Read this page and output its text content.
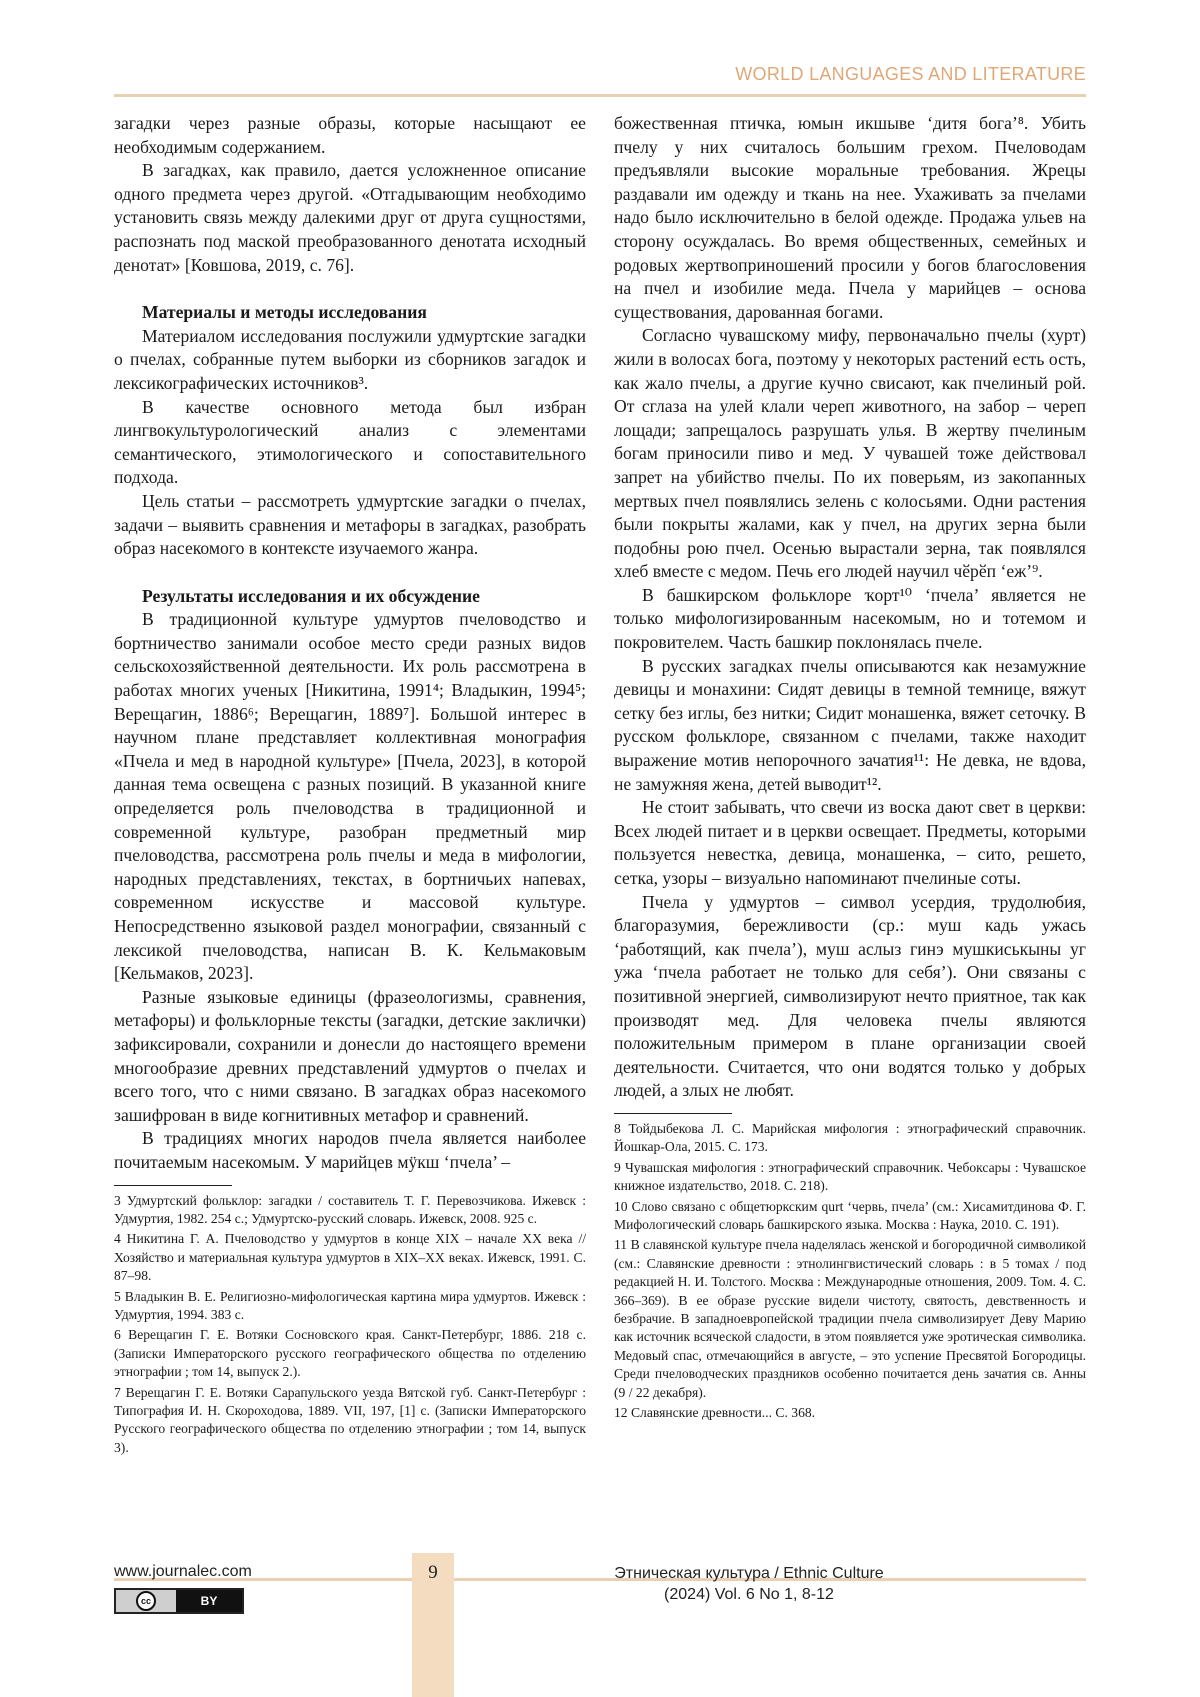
WORLD LANGUAGES AND LITERATURE

загадки через разные образы, которые насыщают ее необходимым содержанием.

В загадках, как правило, дается усложненное описание одного предмета через другой. «Отгадывающим необходимо установить связь между далекими друг от друга сущностями, распознать под маской преобразованного денотата исходный денотат» [Ковшова, 2019, с. 76].

Материалы и методы исследования

Материалом исследования послужили удмуртские загадки о пчелах, собранные путем выборки из сборников загадок и лексикографических источников³.

В качестве основного метода был избран лингвокультурологический анализ с элементами семантического, этимологического и сопоставительного подхода.

Цель статьи – рассмотреть удмуртские загадки о пчелах, задачи – выявить сравнения и метафоры в загадках, разобрать образ насекомого в контексте изучаемого жанра.

Результаты исследования и их обсуждение

В традиционной культуре удмуртов пчеловодство и бортничество занимали особое место среди разных видов сельскохозяйственной деятельности. Их роль рассмотрена в работах многих ученых [Никитина, 1991⁴; Владыкин, 1994⁵; Верещагин, 1886⁶; Верещагин, 1889⁷]. Большой интерес в научном плане представляет коллективная монография «Пчела и мед в народной культуре» [Пчела, 2023], в которой данная тема освещена с разных позиций. В указанной книге определяется роль пчеловодства в традиционной и современной культуре, разобран предметный мир пчеловодства, рассмотрена роль пчелы и меда в мифологии, народных представлениях, текстах, в бортничьих напевах, современном искусстве и массовой культуре. Непосредственно языковой раздел монографии, связанный с лексикой пчеловодства, написан В. К. Кельмаковым [Кельмаков, 2023].

Разные языковые единицы (фразеологизмы, сравнения, метафоры) и фольклорные тексты (загадки, детские заклички) зафиксировали, сохранили и донесли до настоящего времени многообразие древних представлений удмуртов о пчелах и всего того, что с ними связано. В загадках образ насекомого зашифрован в виде когнитивных метафор и сравнений.

В традициях многих народов пчела является наиболее почитаемым насекомым. У марийцев мӱкш ʻпчела’ –

3 Удмуртский фольклор: загадки / составитель Т. Г. Перевозчикова. Ижевск : Удмуртия, 1982. 254 с.; Удмуртско-русский словарь. Ижевск, 2008. 925 с.

4 Никитина Г. А. Пчеловодство у удмуртов в конце XIX – начале XX века // Хозяйство и материальная культура удмуртов в XIX–XX веках. Ижевск, 1991. С. 87–98.

5 Владыкин В. Е. Религиозно-мифологическая картина мира удмуртов. Ижевск : Удмуртия, 1994. 383 с.

6 Верещагин Г. Е. Вотяки Сосновского края. Санкт-Петербург, 1886. 218 с. (Записки Императорского русского географического общества по отделению этнографии ; том 14, выпуск 2.).

7 Верещагин Г. Е. Вотяки Сарапульского уезда Вятской губ. Санкт-Петербург : Типография И. Н. Скороходова, 1889. VII, 197, [1] с. (Записки Императорского Русского географического общества по отделению этнографии ; том 14, выпуск 3).

божественная птичка, юмын икшыве ʻдитя бога’⁸. Убить пчелу у них считалось большим грехом. Пчеловодам предъявляли высокие моральные требования. Жрецы раздавали им одежду и ткань на нее. Ухаживать за пчелами надо было исключительно в белой одежде. Продажа ульев на сторону осуждалась. Во время общественных, семейных и родовых жертвоприношений просили у богов благословения на пчел и изобилие меда. Пчела у марийцев – основа существования, дарованная богами.

Согласно чувашскому мифу, первоначально пчелы (хурт) жили в волосах бога, поэтому у некоторых растений есть ость, как жало пчелы, а другие кучно свисают, как пчелиный рой. От сглаза на улей клали череп животного, на забор – череп лощади; запрещалось разрушать улья. В жертву пчелиным богам приносили пиво и мед. У чувашей тоже действовал запрет на убийство пчелы. По их поверьям, из закопанных мертвых пчел появлялись зелень с колосьями. Одни растения были покрыты жалами, как у пчел, на других зерна были подобны рою пчел. Осенью вырастали зерна, так появлялся хлеб вместе с медом. Печь его людей научил чӗрӗп ʻеж’⁹.

В башкирском фольклоре ҡорт¹⁰ ‘пчела’ является не только мифологизированным насекомым, но и тотемом и покровителем. Часть башкир поклонялась пчеле.

В русских загадках пчелы описываются как незамужние девицы и монахини: Сидят девицы в темной темнице, вяжут сетку без иглы, без нитки; Сидит монашенка, вяжет сеточку. В русском фольклоре, связанном с пчелами, также находит выражение мотив непорочного зачатия¹¹: Не девка, не вдова, не замужняя жена, детей выводит¹².

Не стоит забывать, что свечи из воска дают свет в церкви: Всех людей питает и в церкви освещает. Предметы, которыми пользуется невестка, девица, монашенка, – сито, решето, сетка, узоры – визуально напоминают пчелиные соты.

Пчела у удмуртов – символ усердия, трудолюбия, благоразумия, бережливости (ср.: муш кадь ужась ʻработящий, как пчела’), муш аслыз гинэ мушкиськыны уг ужа ʻпчела работает не только для себя’). Они связаны с позитивной энергией, символизируют нечто приятное, так как производят мед. Для человека пчелы являются положительным примером в плане организации своей деятельности. Считается, что они водятся только у добрых людей, а злых не любят.

8 Тойдыбекова Л. С. Марийская мифология : этнографический справочник. Йошкар-Ола, 2015. С. 173.

9 Чувашская мифология : этнографический справочник. Чебоксары : Чувашское книжное издательство, 2018. С. 218).

10 Слово связано с общетюркским qurt ʻчервь, пчела’ (см.: Хисамитдинова Ф. Г. Мифологический словарь башкирского языка. Москва : Наука, 2010. С. 191).

11 В славянской культуре пчела наделялась женской и богородичной символикой (см.: Славянские древности : этнолингвистический словарь : в 5 томах / под редакцией Н. И. Толстого. Москва : Международные отношения, 2009. Том. 4. С. 366–369). В ее образе русские видели чистоту, святость, девственность и безбрачие. В западноевропейской традиции пчела символизирует Деву Марию как источник всяческой сладости, в этом появляется уже эротическая символика. Медовый спас, отмечающийся в августе, – это успение Пресвятой Богородицы. Среди пчеловодческих праздников особенно почитается день зачатия св. Анны (9 / 22 декабря).

12 Славянские древности... С. 368.

9
www.journalec.com
cc	BY
Этническая культура / Ethnic Culture
(2024) Vol. 6 No 1, 8-12
